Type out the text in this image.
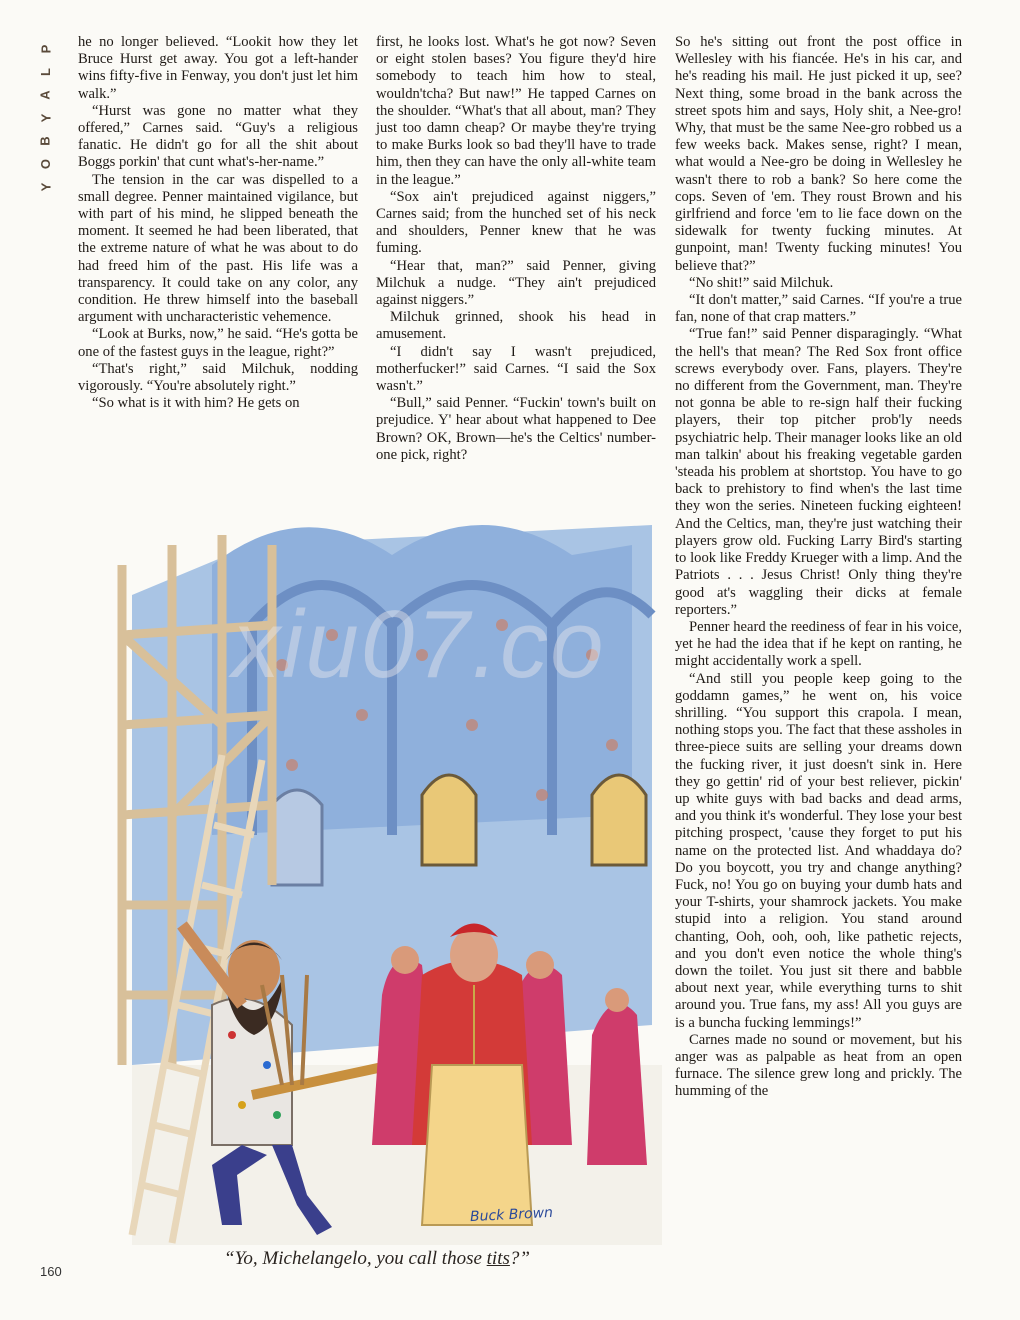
P
L
A
Y
B
O
Y

he no longer believed. “Lookit how they let Bruce Hurst get away. You got a left-hander wins fifty-five in Fenway, you don't just let him walk.”

“Hurst was gone no matter what they offered,” Carnes said. “Guy's a religious fanatic. He didn't go for all the shit about Boggs porkin' that cunt what's-her-name.”

The tension in the car was dispelled to a small degree. Penner maintained vigilance, but with part of his mind, he slipped beneath the moment. It seemed he had been liberated, that the extreme nature of what he was about to do had freed him of the past. His life was a transparency. It could take on any color, any condition. He threw himself into the baseball argument with uncharacteristic vehemence.

“Look at Burks, now,” he said. “He's gotta be one of the fastest guys in the league, right?”

“That's right,” said Milchuk, nodding vigorously. “You're absolutely right.”

“So what is it with him? He gets on

first, he looks lost. What's he got now? Seven or eight stolen bases? You figure they'd hire somebody to teach him how to steal, wouldn'tcha? But naw!” He tapped Carnes on the shoulder. “What's that all about, man? They just too damn cheap? Or maybe they're trying to make Burks look so bad they'll have to trade him, then they can have the only all-white team in the league.”

“Sox ain't prejudiced against niggers,” Carnes said; from the hunched set of his neck and shoulders, Penner knew that he was fuming.

“Hear that, man?” said Penner, giving Milchuk a nudge. “They ain't prejudiced against niggers.”

Milchuk grinned, shook his head in amusement.

“I didn't say I wasn't prejudiced, motherfucker!” said Carnes. “I said the Sox wasn't.”

“Bull,” said Penner. “Fuckin' town's built on prejudice. Y' hear about what happened to Dee Brown? OK, Brown—he's the Celtics' number-one pick, right?

So he's sitting out front the post office in Wellesley with his fiancée. He's in his car, and he's reading his mail. He just picked it up, see? Next thing, some broad in the bank across the street spots him and says, Holy shit, a Nee-gro! Why, that must be the same Nee-gro robbed us a few weeks back. Makes sense, right? I mean, what would a Nee-gro be doing in Wellesley he wasn't there to rob a bank? So here come the cops. Seven of 'em. They roust Brown and his girlfriend and force 'em to lie face down on the sidewalk for twenty fucking minutes. At gunpoint, man! Twenty fucking minutes! You believe that?”

“No shit!” said Milchuk.

“It don't matter,” said Carnes. “If you're a true fan, none of that crap matters.”

“True fan!” said Penner disparagingly. “What the hell's that mean? The Red Sox front office screws everybody over. Fans, players. They're no different from the Government, man. They're not gonna be able to re-sign half their fucking players, their top pitcher prob'ly needs psychiatric help. Their manager looks like an old man talkin' about his freaking vegetable garden 'steada his problem at shortstop. You have to go back to prehistory to find when's the last time they won the series. Nineteen fucking eighteen! And the Celtics, man, they're just watching their players grow old. Fucking Larry Bird's starting to look like Freddy Krueger with a limp. And the Patriots . . . Jesus Christ! Only thing they're good at's waggling their dicks at female reporters.”

Penner heard the reediness of fear in his voice, yet he had the idea that if he kept on ranting, he might accidentally work a spell.

“And still you people keep going to the goddamn games,” he went on, his voice shrilling. “You support this crapola. I mean, nothing stops you. The fact that these assholes in three-piece suits are selling your dreams down the fucking river, it just doesn't sink in. Here they go gettin' rid of your best reliever, pickin' up white guys with bad backs and dead arms, and you think it's wonderful. They lose your best pitching prospect, 'cause they forget to put his name on the protected list. And whaddaya do? Do you boycott, you try and change anything? Fuck, no! You go on buying your dumb hats and your T-shirts, your shamrock jackets. You make stupid into a religion. You stand around chanting, Ooh, ooh, ooh, like pathetic rejects, and you don't even notice the whole thing's down the toilet. You just sit there and babble about next year, while everything turns to shit around you. True fans, my ass! All you guys are is a buncha fucking lemmings!”

Carnes made no sound or movement, but his anger was as palpable as heat from an open furnace. The silence grew long and prickly. The humming of the

xiu07.co
Buck Brown
“Yo, Michelangelo, you call those tits?”
160
